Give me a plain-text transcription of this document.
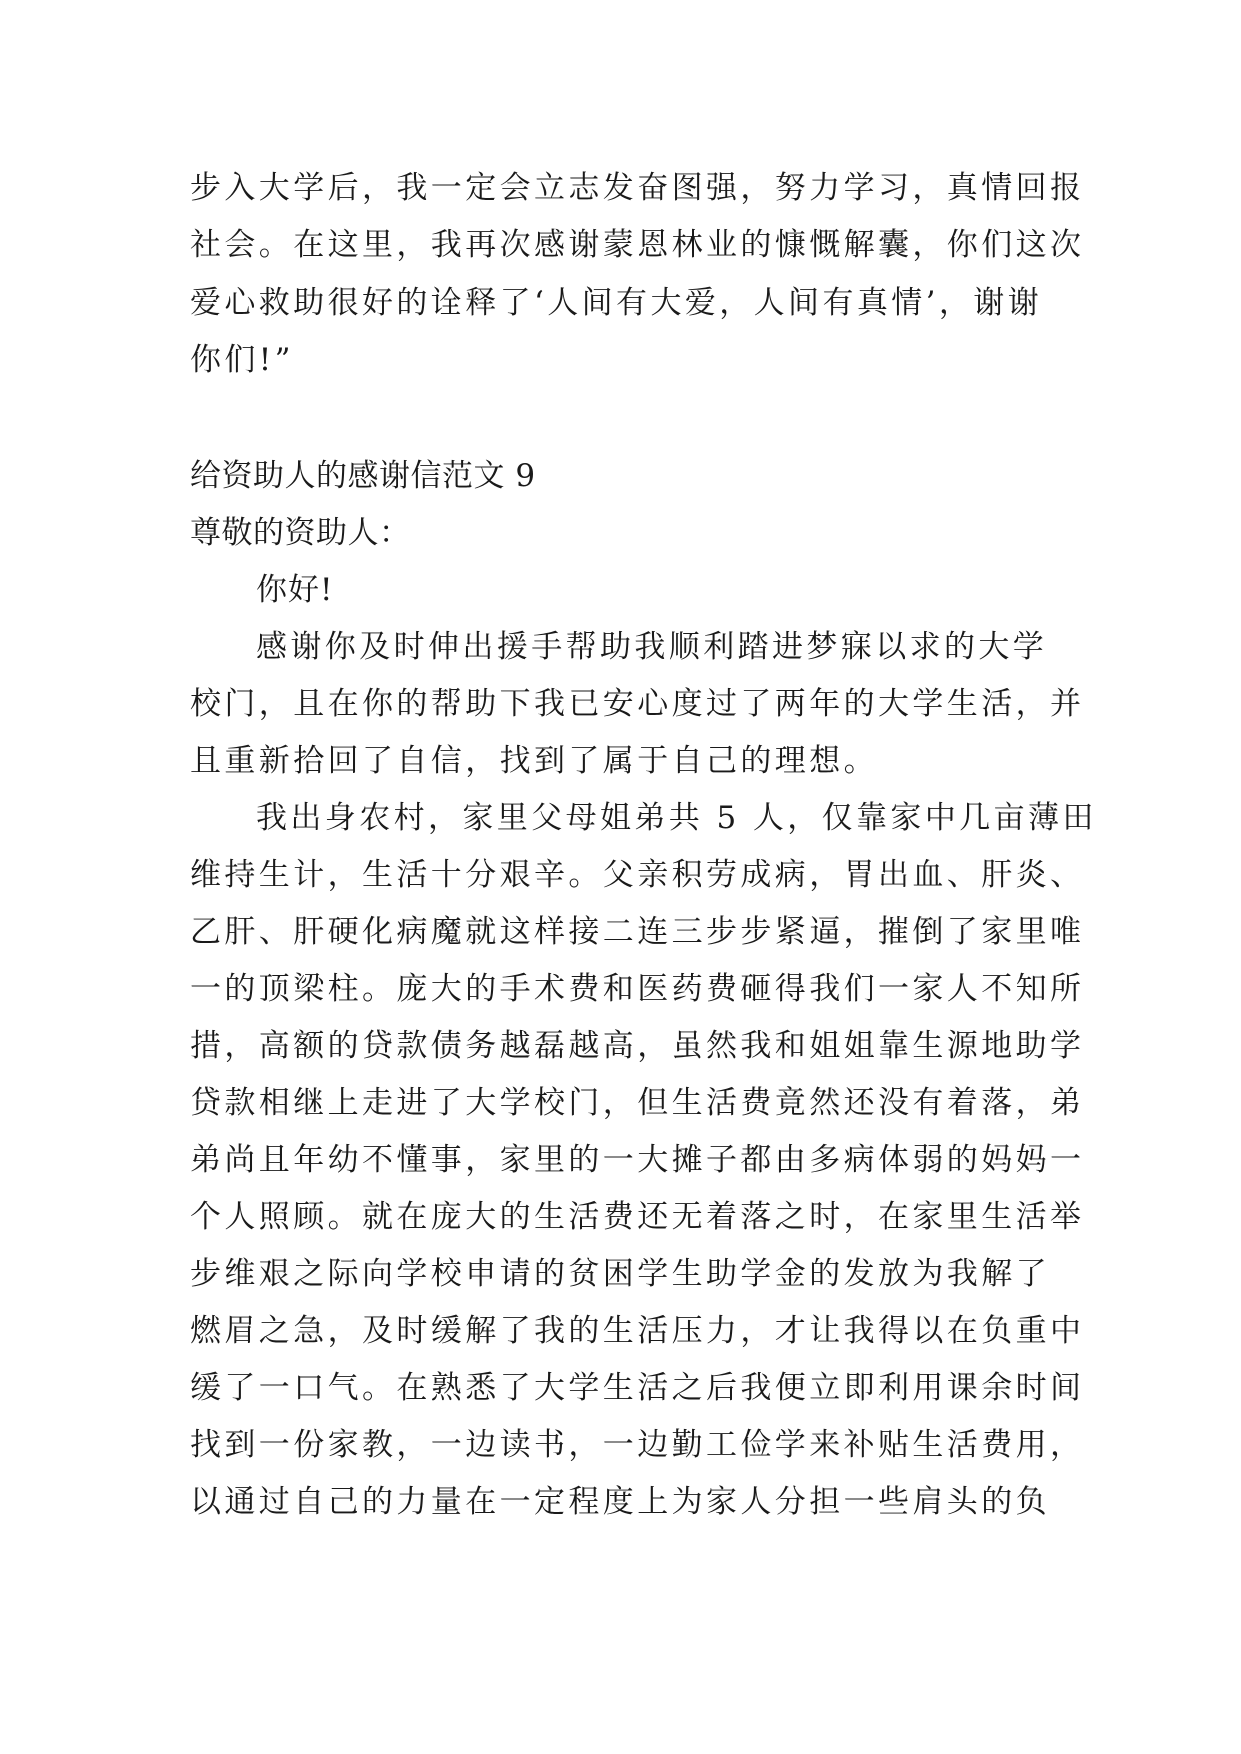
步入大学后，我一定会立志发奋图强，努力学习，真情回报

社会。在这里，我再次感谢蒙恩林业的慷慨解囊，你们这次

爱心救助很好的诠释了‘人间有大爱，人间有真情’，谢谢

你们!”

给资助人的感谢信范文 9

尊敬的资助人：

你好!

感谢你及时伸出援手帮助我顺利踏进梦寐以求的大学

校门，且在你的帮助下我已安心度过了两年的大学生活，并

且重新拾回了自信，找到了属于自己的理想。

我出身农村，家里父母姐弟共 5 人，仅靠家中几亩薄田

维持生计，生活十分艰辛。父亲积劳成病，胃出血、肝炎、

乙肝、肝硬化病魔就这样接二连三步步紧逼，摧倒了家里唯

一的顶梁柱。庞大的手术费和医药费砸得我们一家人不知所

措，高额的贷款债务越磊越高，虽然我和姐姐靠生源地助学

贷款相继上走进了大学校门，但生活费竟然还没有着落，弟

弟尚且年幼不懂事，家里的一大摊子都由多病体弱的妈妈一

个人照顾。就在庞大的生活费还无着落之时，在家里生活举

步维艰之际向学校申请的贫困学生助学金的发放为我解了

燃眉之急，及时缓解了我的生活压力，才让我得以在负重中

缓了一口气。在熟悉了大学生活之后我便立即利用课余时间

找到一份家教，一边读书，一边勤工俭学来补贴生活费用，

以通过自己的力量在一定程度上为家人分担一些肩头的负
